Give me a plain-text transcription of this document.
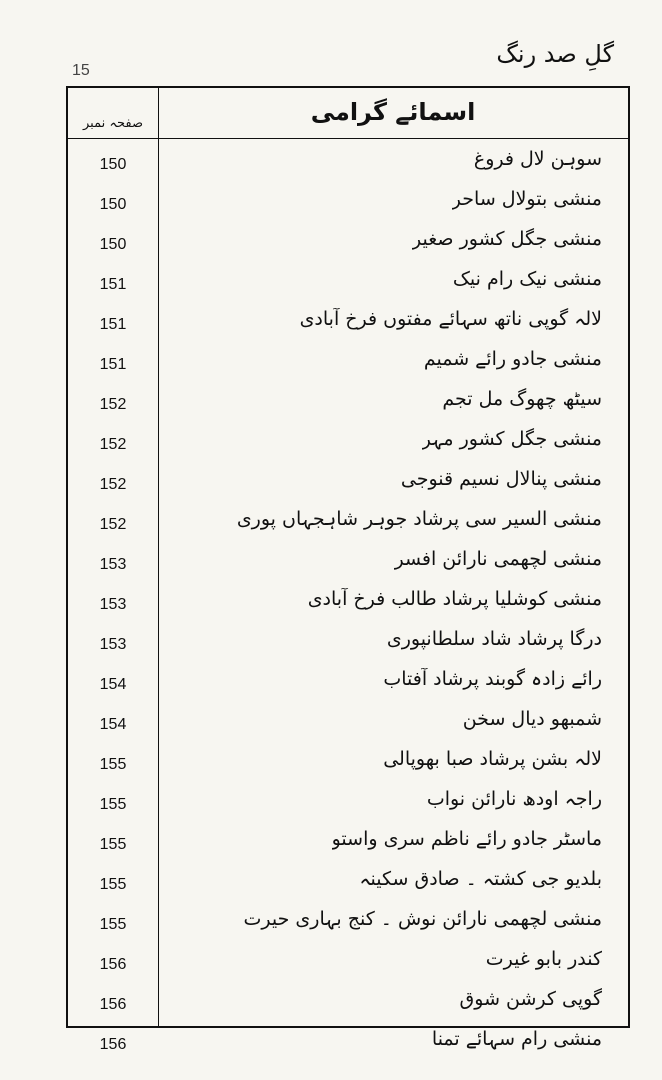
گلِ صد رنگ
15
صفحہ نمبر	اسمائے گرامی
150	سوہن لال فروغ
150	منشی بتولال ساحر
150	منشی جگل کشور صغیر
151	منشی نیک رام نیک
151	لالہ گوپی ناتھ سہائے مفتوں فرخ آبادی
151	منشی جادو رائے شمیم
152	سیٹھ چھوگ مل تجم
152	منشی جگل کشور مہر
152	منشی پنالال نسیم قنوجی
152	منشی السیر سی پرشاد جوہر شاہجہاں پوری
153	منشی لچھمی نارائن افسر
153	منشی کوشلیا پرشاد طالب فرخ آبادی
153	درگا پرشاد شاد سلطانپوری
154	رائے زادہ گوبند پرشاد آفتاب
154	شمبھو دیال سخن
155	لالہ بشن پرشاد صبا بھوپالی
155	راجہ اودھ نارائن نواب
155	ماسٹر جادو رائے ناظم سری واستو
155	بلدیو جی کشتہ ۔ صادق سکینہ
155	منشی لچھمی نارائن نوش ۔ کنج بہاری حیرت
156	کندر بابو غیرت
156	گوپی کرشن شوق
156	منشی رام سہائے تمنا
